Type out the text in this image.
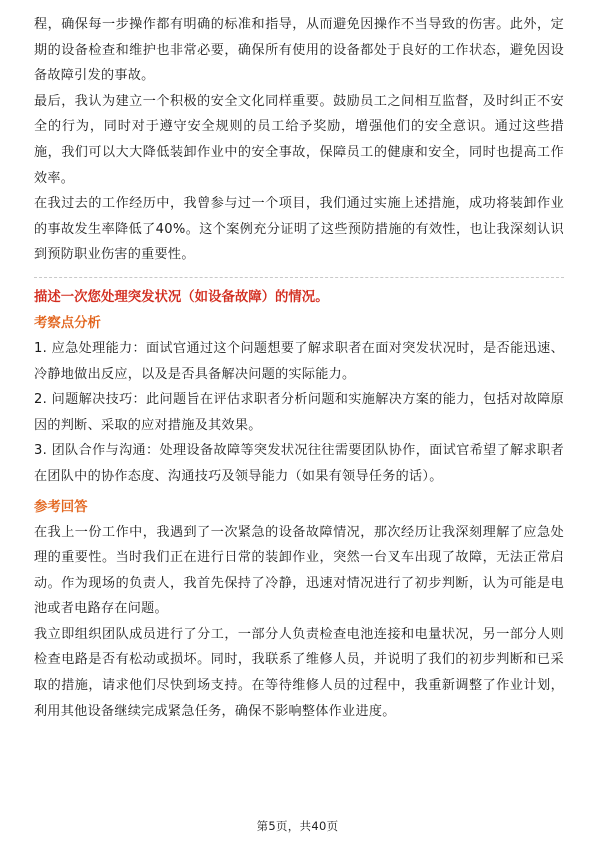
程，确保每一步操作都有明确的标准和指导，从而避免因操作不当导致的伤害。此外，定期的设备检查和维护也非常必要，确保所有使用的设备都处于良好的工作状态，避免因设备故障引发的事故。

最后，我认为建立一个积极的安全文化同样重要。鼓励员工之间相互监督，及时纠正不安全的行为，同时对于遵守安全规则的员工给予奖励，增强他们的安全意识。通过这些措施，我们可以大大降低装卸作业中的安全事故，保障员工的健康和安全，同时也提高工作效率。

在我过去的工作经历中，我曾参与过一个项目，我们通过实施上述措施，成功将装卸作业的事故发生率降低了40%。这个案例充分证明了这些预防措施的有效性，也让我深刻认识到预防职业伤害的重要性。

描述一次您处理突发状况（如设备故障）的情况。

考察点分析

1. 应急处理能力：面试官通过这个问题想要了解求职者在面对突发状况时，是否能迅速、冷静地做出反应，以及是否具备解决问题的实际能力。

2. 问题解决技巧：此问题旨在评估求职者分析问题和实施解决方案的能力，包括对故障原因的判断、采取的应对措施及其效果。

3. 团队合作与沟通：处理设备故障等突发状况往往需要团队协作，面试官希望了解求职者在团队中的协作态度、沟通技巧及领导能力（如果有领导任务的话）。

参考回答

在我上一份工作中，我遇到了一次紧急的设备故障情况，那次经历让我深刻理解了应急处理的重要性。当时我们正在进行日常的装卸作业，突然一台叉车出现了故障，无法正常启动。作为现场的负责人，我首先保持了冷静，迅速对情况进行了初步判断，认为可能是电池或者电路存在问题。

我立即组织团队成员进行了分工，一部分人负责检查电池连接和电量状况，另一部分人则检查电路是否有松动或损坏。同时，我联系了维修人员，并说明了我们的初步判断和已采取的措施，请求他们尽快到场支持。在等待维修人员的过程中，我重新调整了作业计划，利用其他设备继续完成紧急任务，确保不影响整体作业进度。

第5页，共40页
